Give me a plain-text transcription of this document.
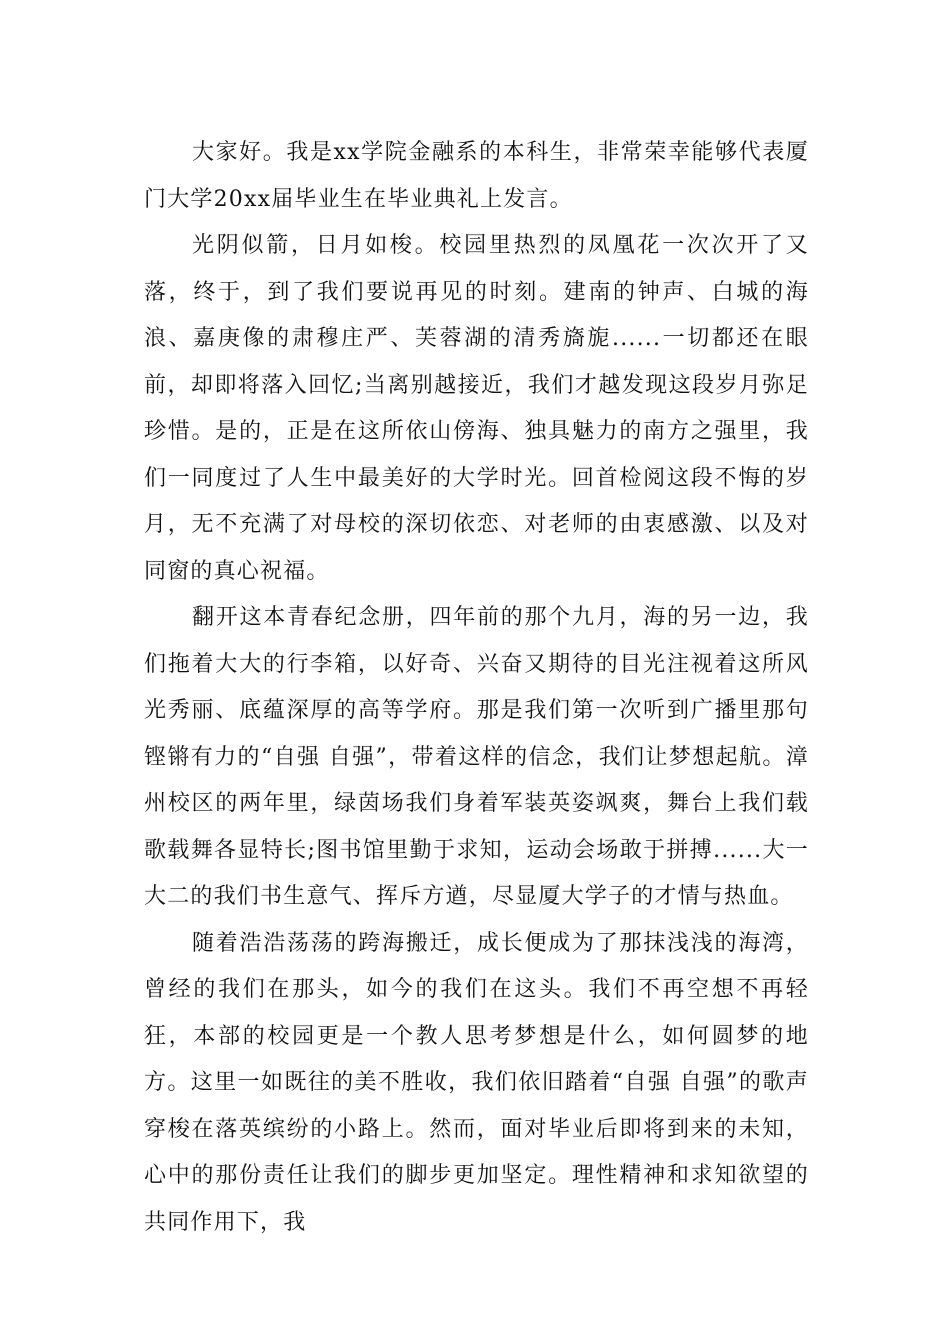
大家好。我是xx学院金融系的本科生，非常荣幸能够代表厦门大学20xx届毕业生在毕业典礼上发言。

光阴似箭，日月如梭。校园里热烈的凤凰花一次次开了又落，终于，到了我们要说再见的时刻。建南的钟声、白城的海浪、嘉庚像的肃穆庄严、芙蓉湖的清秀旖旎......一切都还在眼前，却即将落入回忆;当离别越接近，我们才越发现这段岁月弥足珍惜。是的，正是在这所依山傍海、独具魅力的南方之强里，我们一同度过了人生中最美好的大学时光。回首检阅这段不悔的岁月，无不充满了对母校的深切依恋、对老师的由衷感激、以及对同窗的真心祝福。

翻开这本青春纪念册，四年前的那个九月，海的另一边，我们拖着大大的行李箱，以好奇、兴奋又期待的目光注视着这所风光秀丽、底蕴深厚的高等学府。那是我们第一次听到广播里那句铿锵有力的“自强 自强”，带着这样的信念，我们让梦想起航。漳州校区的两年里，绿茵场我们身着军装英姿飒爽，舞台上我们载歌载舞各显特长;图书馆里勤于求知，运动会场敢于拼搏......大一大二的我们书生意气、挥斥方遒，尽显厦大学子的才情与热血。

随着浩浩荡荡的跨海搬迁，成长便成为了那抹浅浅的海湾，曾经的我们在那头，如今的我们在这头。我们不再空想不再轻狂，本部的校园更是一个教人思考梦想是什么，如何圆梦的地方。这里一如既往的美不胜收，我们依旧踏着“自强 自强”的歌声穿梭在落英缤纷的小路上。然而，面对毕业后即将到来的未知，心中的那份责任让我们的脚步更加坚定。理性精神和求知欲望的共同作用下，我
